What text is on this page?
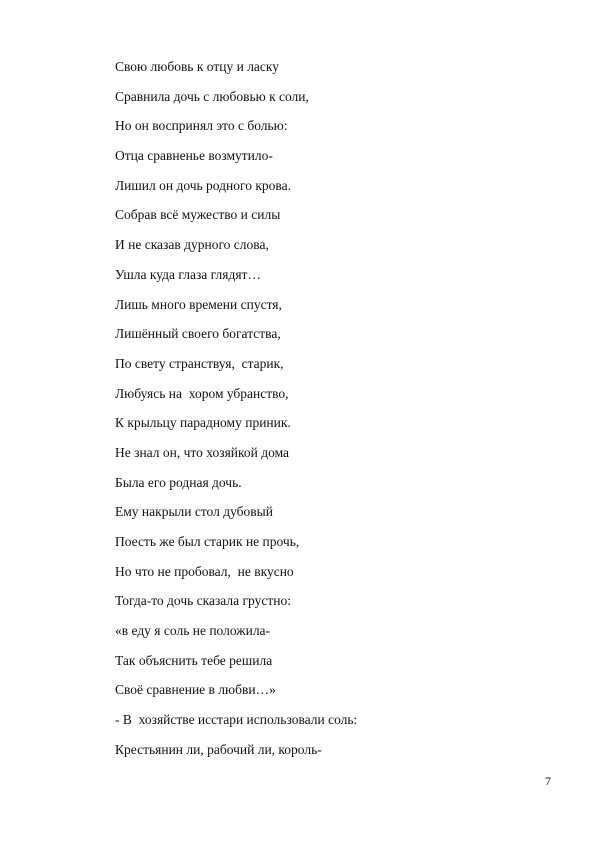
Свою любовь к отцу и ласку
Сравнила дочь с любовью к соли,
Но он воспринял это с болью:
Отца сравненье возмутило-
Лишил он дочь родного крова.
Собрав всё мужество и силы
И не сказав дурного слова,
Ушла куда глаза глядят…
Лишь много времени спустя,
Лишённый своего богатства,
По свету странствуя,  старик,
Любуясь на  хором убранство,
К крыльцу парадному приник.
Не знал он, что хозяйкой дома
Была его родная дочь.
Ему накрыли стол дубовый
Поесть же был старик не прочь,
Но что не пробовал,  не вкусно
Тогда-то дочь сказала грустно:
«в еду я соль не положила-
Так объяснить тебе решила
Своё сравнение в любви…»
- В  хозяйстве исстари использовали соль:
Крестьянин ли, рабочий ли, король-
7
